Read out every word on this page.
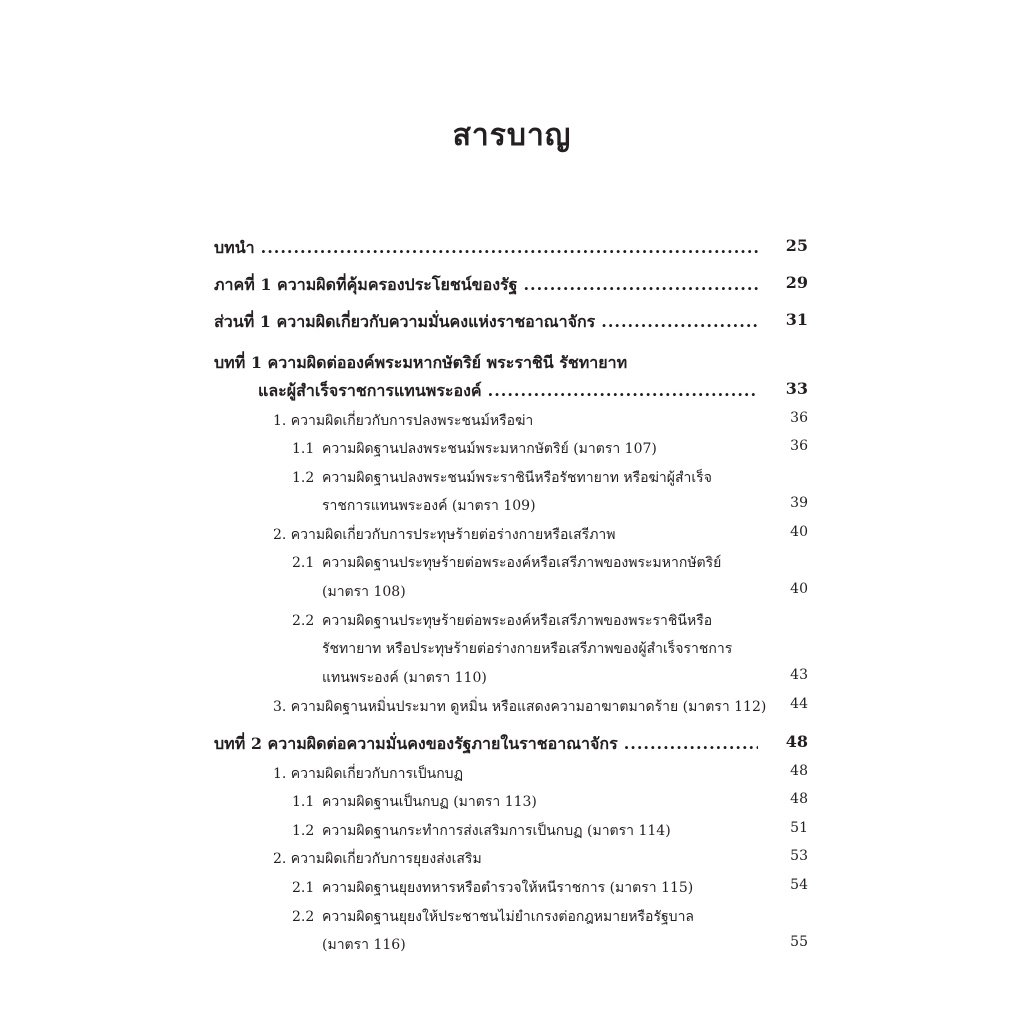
สารบาญ
บทนำ .....	25
ภาคที่ 1 ความผิดที่คุ้มครองประโยชน์ของรัฐ .....	29
ส่วนที่ 1 ความผิดเกี่ยวกับความมั่นคงแห่งราชอาณาจักร .....	31
บทที่ 1 ความผิดต่อองค์พระมหากษัตริย์ พระราชินี รัชทายาท
และผู้สำเร็จราชการแทนพระองค์ .....	33
1. ความผิดเกี่ยวกับการปลงพระชนม์หรือฆ่า	36
1.1 ความผิดฐานปลงพระชนม์พระมหากษัตริย์ (มาตรา 107)	36
1.2 ความผิดฐานปลงพระชนม์พระราชินีหรือรัชทายาท หรือฆ่าผู้สำเร็จ
ราชการแทนพระองค์ (มาตรา 109)	39
2. ความผิดเกี่ยวกับการประทุษร้ายต่อร่างกายหรือเสรีภาพ	40
2.1 ความผิดฐานประทุษร้ายต่อพระองค์หรือเสรีภาพของพระมหากษัตริย์
(มาตรา 108)	40
2.2 ความผิดฐานประทุษร้ายต่อพระองค์หรือเสรีภาพของพระราชินีหรือ
รัชทายาท หรือประทุษร้ายต่อร่างกายหรือเสรีภาพของผู้สำเร็จราชการ
แทนพระองค์ (มาตรา 110)	43
3. ความผิดฐานหมิ่นประมาท ดูหมิ่น หรือแสดงความอาฆาตมาดร้าย (มาตรา 112) 44
บทที่ 2 ความผิดต่อความมั่นคงของรัฐภายในราชอาณาจักร .....	48
1. ความผิดเกี่ยวกับการเป็นกบฏ	48
1.1 ความผิดฐานเป็นกบฏ (มาตรา 113)	48
1.2 ความผิดฐานกระทำการส่งเสริมการเป็นกบฏ (มาตรา 114)	51
2. ความผิดเกี่ยวกับการยุยงส่งเสริม	53
2.1 ความผิดฐานยุยงทหารหรือตำรวจให้หนีราชการ (มาตรา 115)	54
2.2 ความผิดฐานยุยงให้ประชาชนไม่ยำเกรงต่อกฎหมายหรือรัฐบาล
(มาตรา 116)	55
